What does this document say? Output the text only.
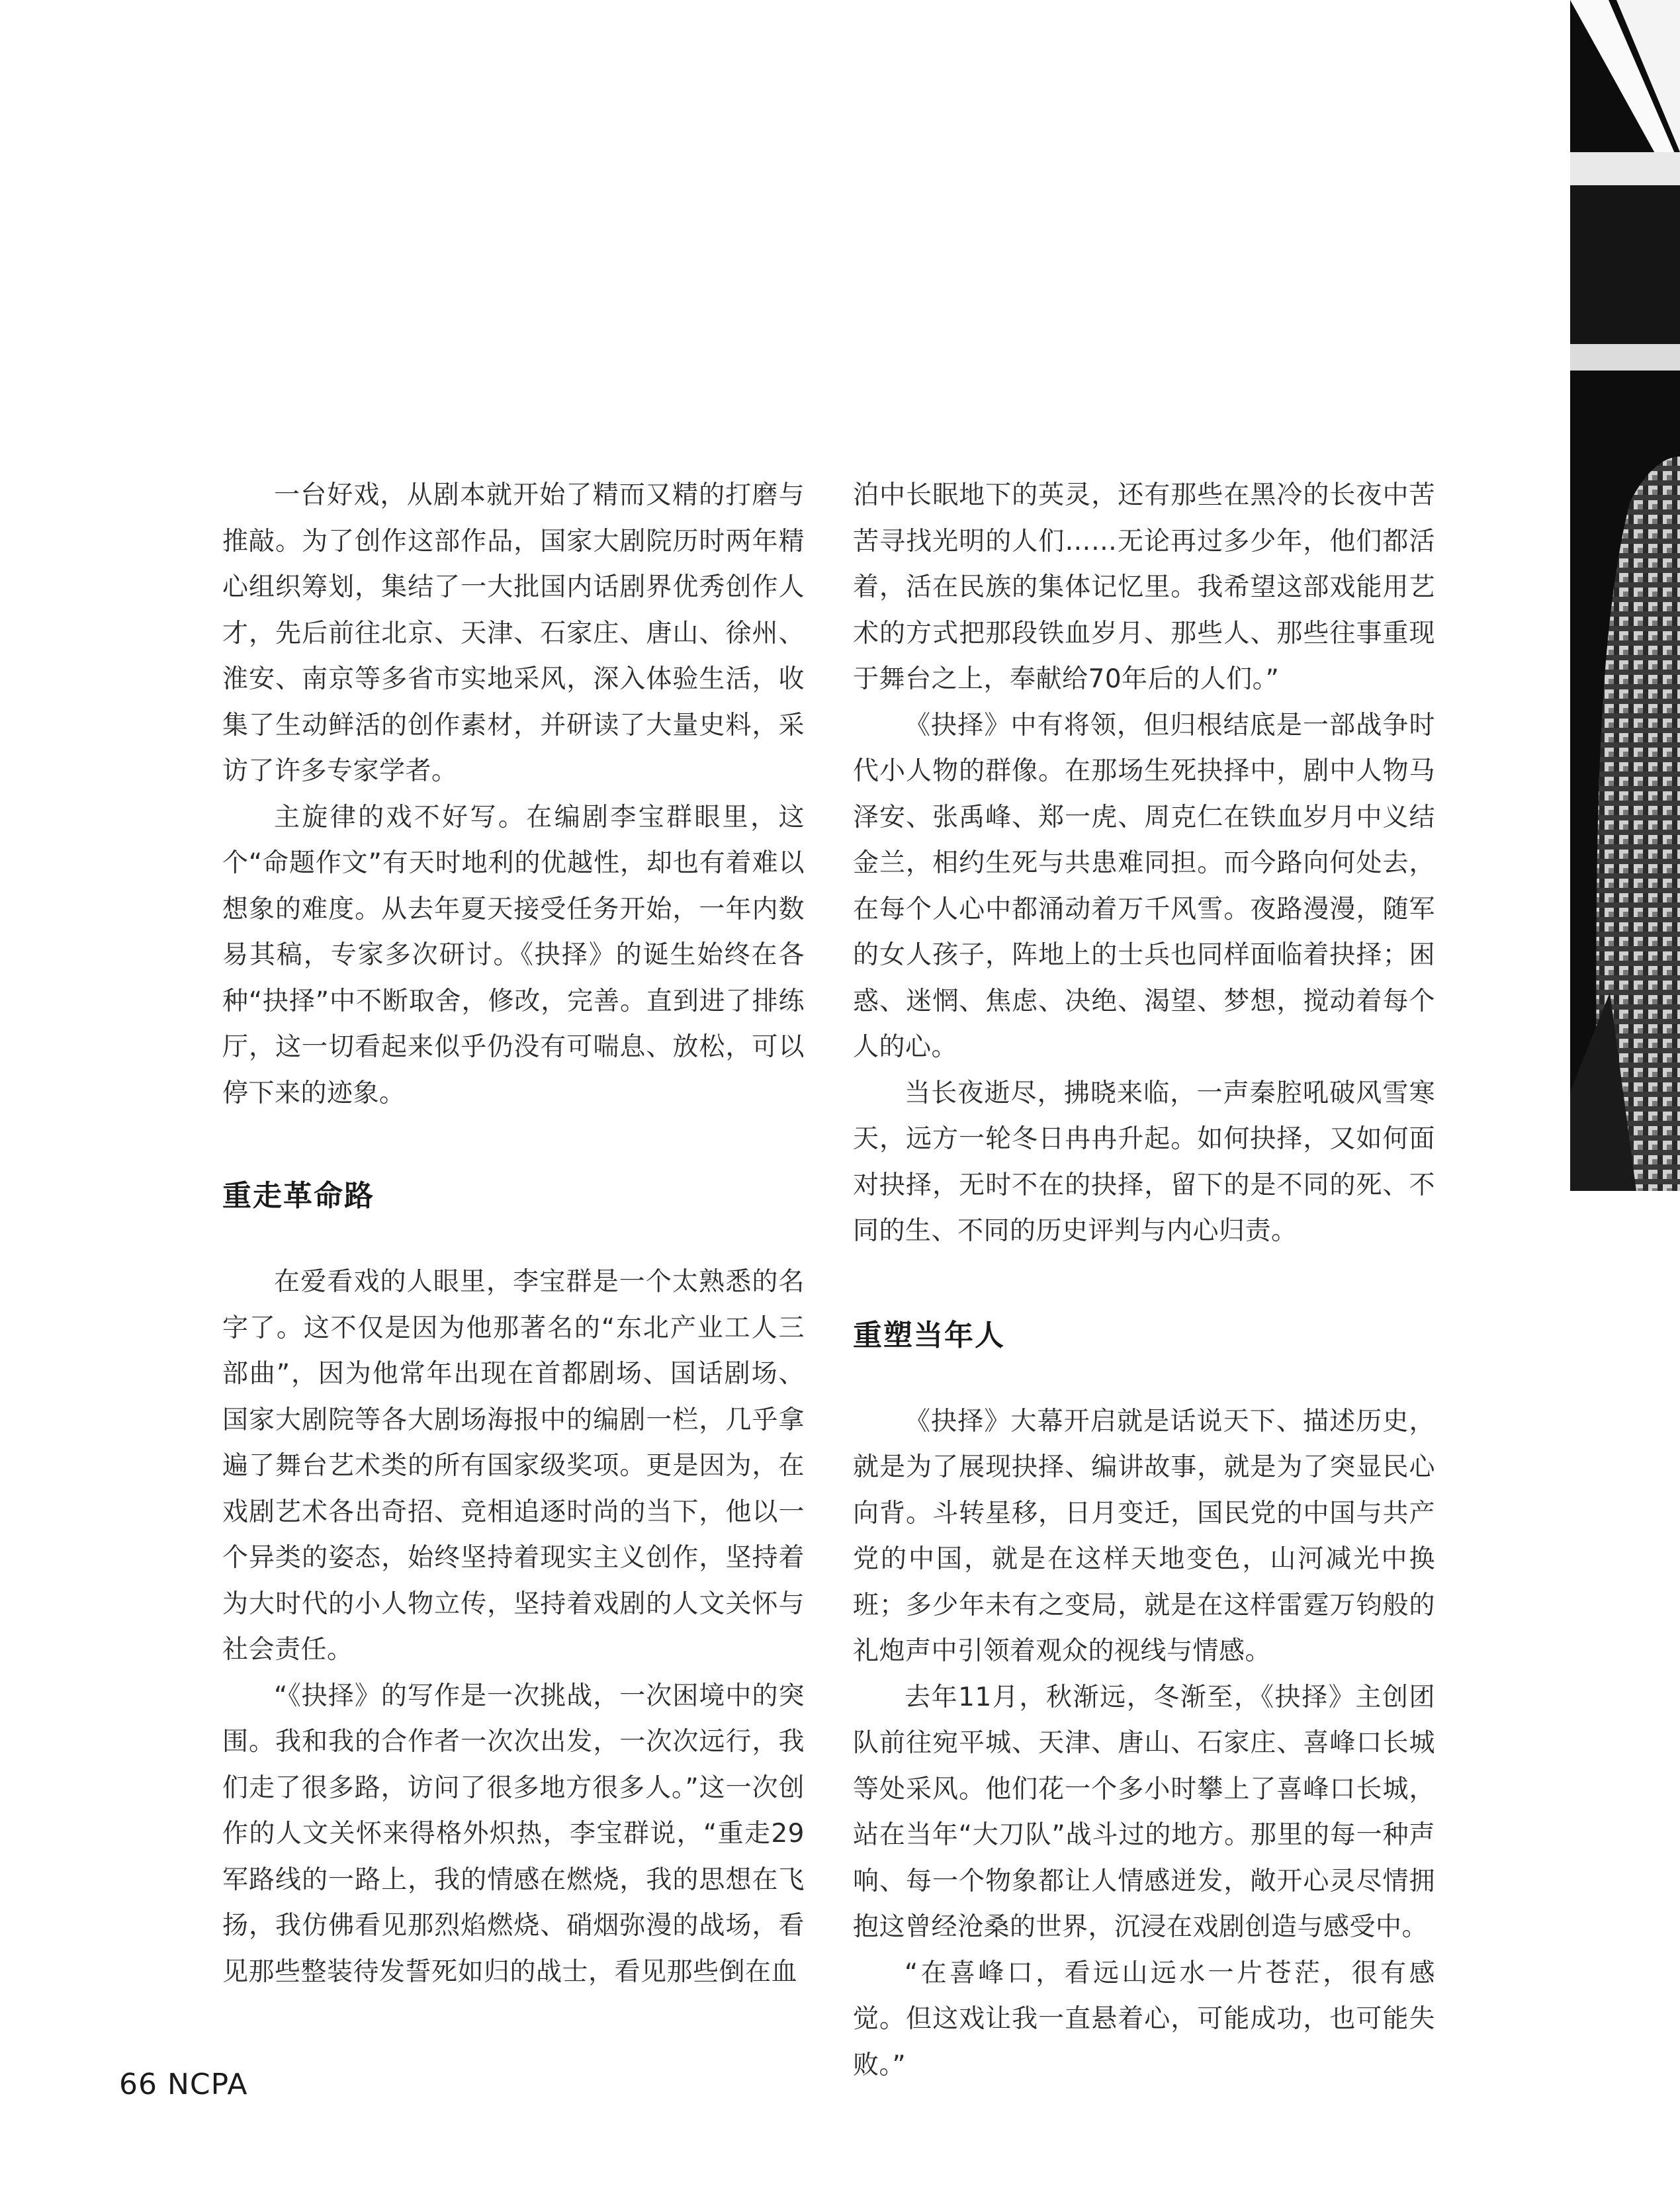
一台好戏，从剧本就开始了精而又精的打磨与推敲。为了创作这部作品，国家大剧院历时两年精心组织筹划，集结了一大批国内话剧界优秀创作人才，先后前往北京、天津、石家庄、唐山、徐州、淮安、南京等多省市实地采风，深入体验生活，收集了生动鲜活的创作素材，并研读了大量史料，采访了许多专家学者。

主旋律的戏不好写。在编剧李宝群眼里，这个“命题作文”有天时地利的优越性，却也有着难以想象的难度。从去年夏天接受任务开始，一年内数易其稿，专家多次研讨。《抉择》的诞生始终在各种“抉择”中不断取舍，修改，完善。直到进了排练厅，这一切看起来似乎仍没有可喘息、放松，可以停下来的迹象。

重走革命路

在爱看戏的人眼里，李宝群是一个太熟悉的名字了。这不仅是因为他那著名的“东北产业工人三部曲”，因为他常年出现在首都剧场、国话剧场、国家大剧院等各大剧场海报中的编剧一栏，几乎拿遍了舞台艺术类的所有国家级奖项。更是因为，在戏剧艺术各出奇招、竞相追逐时尚的当下，他以一个异类的姿态，始终坚持着现实主义创作，坚持着为大时代的小人物立传，坚持着戏剧的人文关怀与社会责任。

“《抉择》的写作是一次挑战，一次困境中的突围。我和我的合作者一次次出发，一次次远行，我们走了很多路，访问了很多地方很多人。”这一次创作的人文关怀来得格外炽热，李宝群说，“重走29军路线的一路上，我的情感在燃烧，我的思想在飞扬，我仿佛看见那烈焰燃烧、硝烟弥漫的战场，看见那些整装待发誓死如归的战士，看见那些倒在血

泊中长眠地下的英灵，还有那些在黑冷的长夜中苦苦寻找光明的人们……无论再过多少年，他们都活着，活在民族的集体记忆里。我希望这部戏能用艺术的方式把那段铁血岁月、那些人、那些往事重现于舞台之上，奉献给70年后的人们。”

《抉择》中有将领，但归根结底是一部战争时代小人物的群像。在那场生死抉择中，剧中人物马泽安、张禹峰、郑一虎、周克仁在铁血岁月中义结金兰，相约生死与共患难同担。而今路向何处去，在每个人心中都涌动着万千风雪。夜路漫漫，随军的女人孩子，阵地上的士兵也同样面临着抉择；困惑、迷惘、焦虑、决绝、渴望、梦想，搅动着每个人的心。

当长夜逝尽，拂晓来临，一声秦腔吼破风雪寒天，远方一轮冬日冉冉升起。如何抉择，又如何面对抉择，无时不在的抉择，留下的是不同的死、不同的生、不同的历史评判与内心归责。

重塑当年人

《抉择》大幕开启就是话说天下、描述历史，就是为了展现抉择、编讲故事，就是为了突显民心向背。斗转星移，日月变迁，国民党的中国与共产党的中国，就是在这样天地变色，山河减光中换班；多少年未有之变局，就是在这样雷霆万钧般的礼炮声中引领着观众的视线与情感。

去年11月，秋渐远，冬渐至，《抉择》主创团队前往宛平城、天津、唐山、石家庄、喜峰口长城等处采风。他们花一个多小时攀上了喜峰口长城，站在当年“大刀队”战斗过的地方。那里的每一种声响、每一个物象都让人情感迸发，敞开心灵尽情拥抱这曾经沧桑的世界，沉浸在戏剧创造与感受中。

“在喜峰口，看远山远水一片苍茫，很有感觉。但这戏让我一直悬着心，可能成功，也可能失败。”

66 NCPA
